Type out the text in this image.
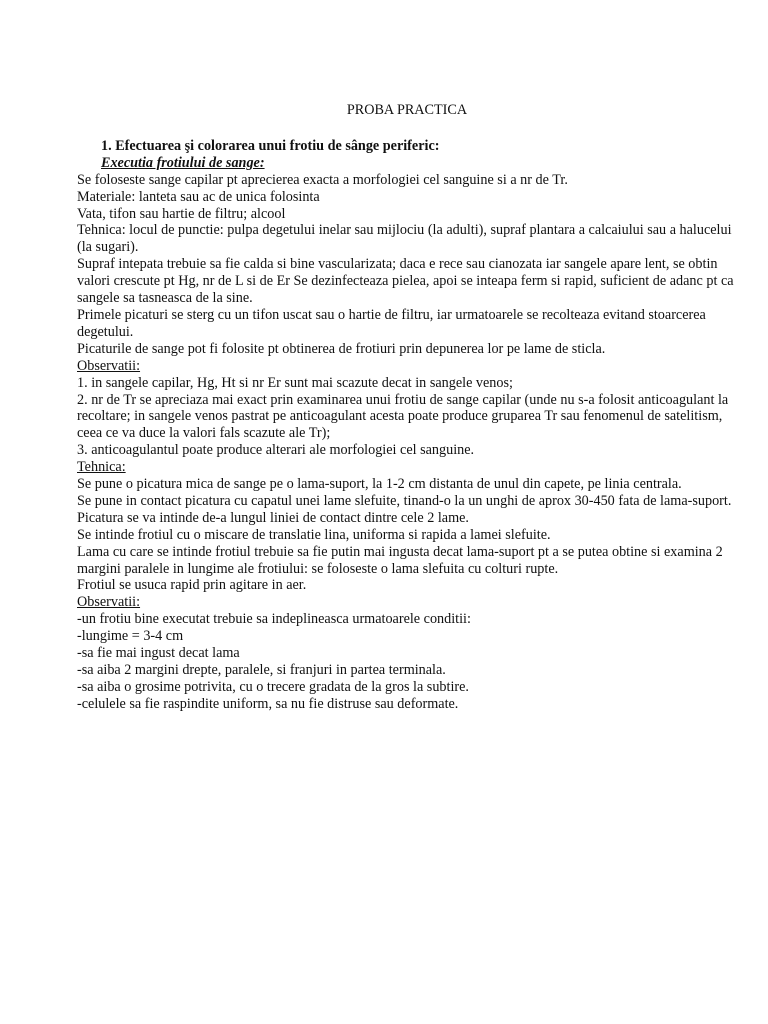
PROBA PRACTICA

1. Efectuarea şi colorarea unui frotiu de sânge periferic:

Executia frotiului de sange:

Se foloseste sange capilar pt aprecierea exacta a morfologiei cel sanguine si a nr de Tr.

Materiale: lanteta sau ac de unica folosinta

Vata, tifon sau hartie de filtru; alcool

Tehnica: locul de punctie: pulpa degetului inelar sau mijlociu (la adulti), supraf plantara a calcaiului sau a halucelui (la sugari).

Supraf intepata trebuie sa fie calda si bine vascularizata; daca e rece sau cianozata iar sangele apare lent, se obtin valori crescute pt Hg, nr de L si de Er Se dezinfecteaza pielea, apoi se inteapa ferm si rapid, suficient de adanc pt ca sangele sa tasneasca de la sine.

Primele picaturi se sterg cu un tifon uscat sau o hartie de filtru, iar urmatoarele se recolteaza evitand stoarcerea degetului.

Picaturile de sange pot fi folosite pt obtinerea de frotiuri prin depunerea lor pe lame de sticla.

Observatii:

1. in sangele capilar, Hg, Ht si nr Er sunt mai scazute decat in sangele venos;

2. nr de Tr se apreciaza mai exact prin examinarea unui frotiu de sange capilar (unde nu s-a folosit anticoagulant la recoltare; in sangele venos pastrat pe anticoagulant acesta poate produce gruparea Tr sau fenomenul de satelitism, ceea ce va duce la valori fals scazute ale Tr);

3. anticoagulantul poate produce alterari ale morfologiei cel sanguine.

Tehnica:

Se pune o picatura mica de sange pe o lama-suport, la 1-2 cm distanta de unul din capete, pe linia centrala.

Se pune in contact picatura cu capatul unei lame slefuite, tinand-o la un unghi de aprox 30-450 fata de lama-suport. Picatura se va intinde de-a lungul liniei de contact dintre cele 2 lame.

Se intinde frotiul cu o miscare de translatie lina, uniforma si rapida a lamei slefuite.

Lama cu care se intinde frotiul trebuie sa fie putin mai ingusta decat lama-suport pt a se putea obtine si examina 2 margini paralele in lungime ale frotiului: se foloseste o lama slefuita cu colturi rupte.

Frotiul se usuca rapid prin agitare in aer.

Observatii:

-un frotiu bine executat trebuie sa indeplineasca urmatoarele conditii:

-lungime = 3-4 cm

-sa fie mai ingust decat lama

-sa aiba 2 margini drepte, paralele, si franjuri in partea terminala.

-sa aiba o grosime potrivita, cu o trecere gradata de la gros la subtire.

-celulele sa fie raspindite uniform, sa nu fie distruse sau deformate.
